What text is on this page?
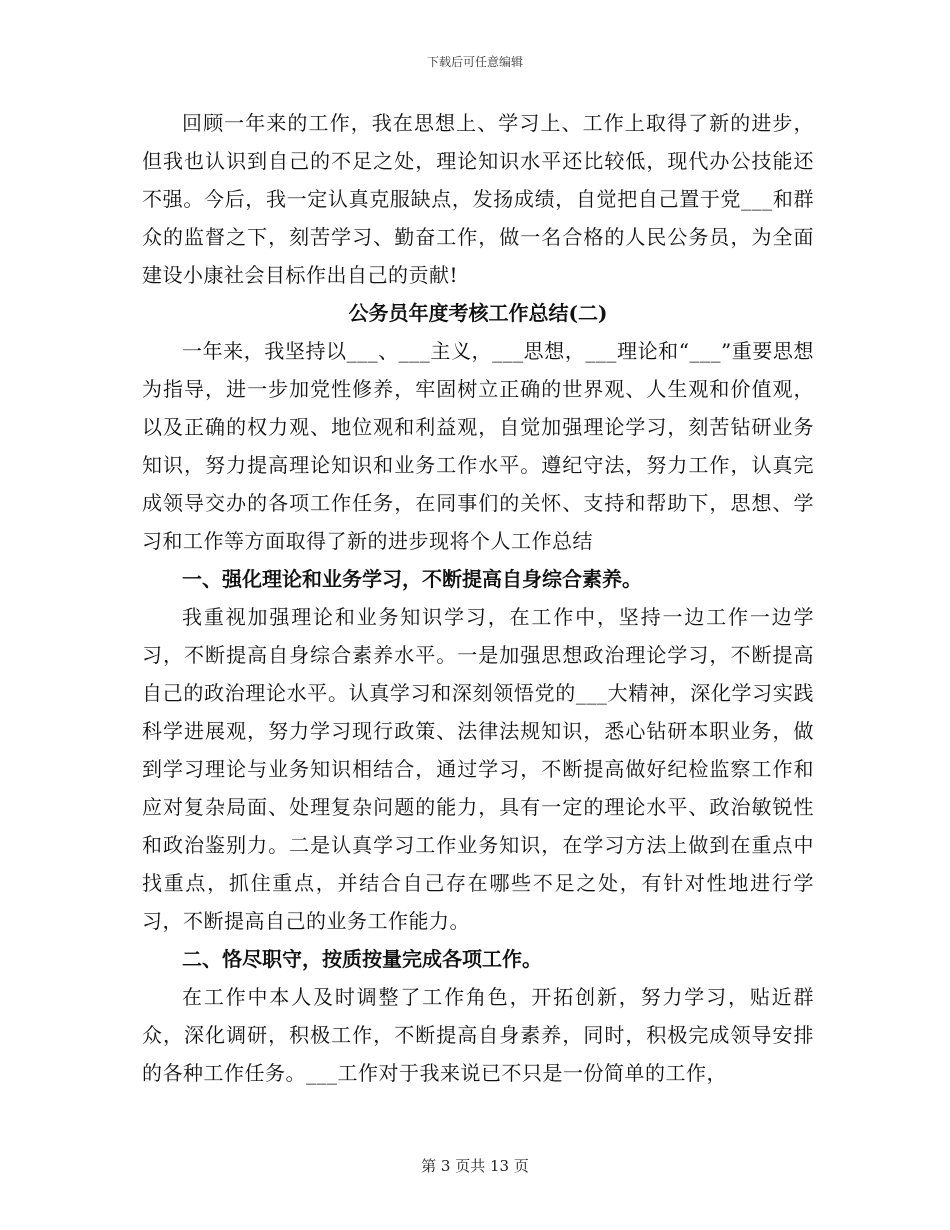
下载后可任意编辑

回顾一年来的工作，我在思想上、学习上、工作上取得了新的进步，但我也认识到自己的不足之处，理论知识水平还比较低，现代办公技能还不强。今后，我一定认真克服缺点，发扬成绩，自觉把自己置于党___和群众的监督之下，刻苦学习、勤奋工作，做一名合格的人民公务员，为全面建设小康社会目标作出自己的贡献!

公务员年度考核工作总结(二)

一年来，我坚持以___、___主义，___思想，___理论和“___”重要思想为指导，进一步加党性修养，牢固树立正确的世界观、人生观和价值观，以及正确的权力观、地位观和利益观，自觉加强理论学习，刻苦钻研业务知识，努力提高理论知识和业务工作水平。遵纪守法，努力工作，认真完成领导交办的各项工作任务，在同事们的关怀、支持和帮助下，思想、学习和工作等方面取得了新的进步现将个人工作总结

一、强化理论和业务学习，不断提高自身综合素养。

我重视加强理论和业务知识学习，在工作中，坚持一边工作一边学习，不断提高自身综合素养水平。一是加强思想政治理论学习，不断提高自己的政治理论水平。认真学习和深刻领悟党的___大精神，深化学习实践科学进展观，努力学习现行政策、法律法规知识，悉心钻研本职业务，做到学习理论与业务知识相结合，通过学习，不断提高做好纪检监察工作和应对复杂局面、处理复杂问题的能力，具有一定的理论水平、政治敏锐性和政治鉴别力。二是认真学习工作业务知识，在学习方法上做到在重点中找重点，抓住重点，并结合自己存在哪些不足之处，有针对性地进行学习，不断提高自己的业务工作能力。

二、恪尽职守，按质按量完成各项工作。

在工作中本人及时调整了工作角色，开拓创新，努力学习，贴近群众，深化调研，积极工作，不断提高自身素养，同时，积极完成领导安排的各种工作任务。___工作对于我来说已不只是一份简单的工作，

第 3 页共 13 页
